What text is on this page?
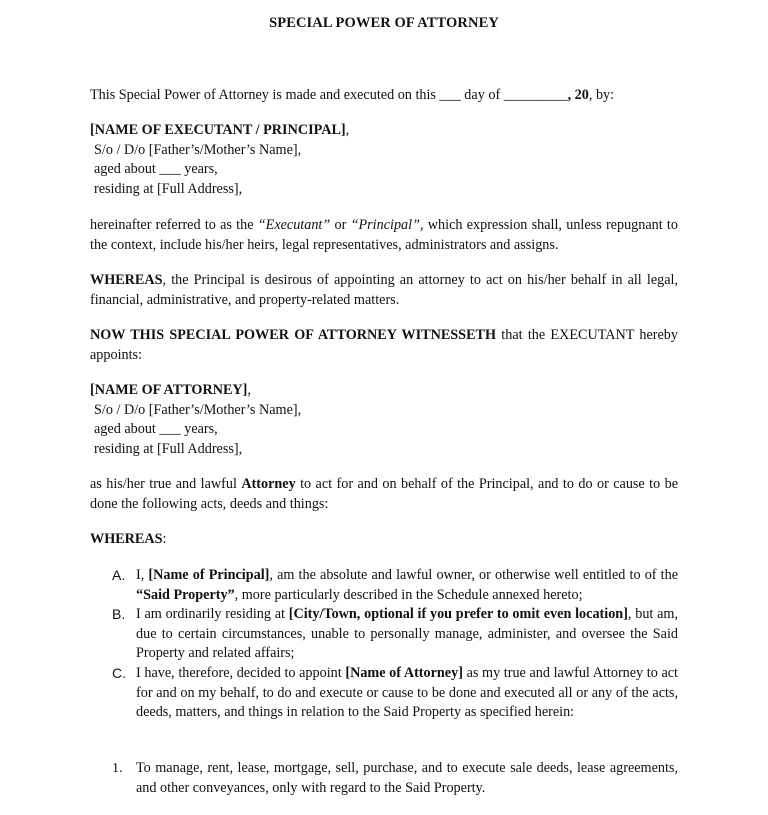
SPECIAL POWER OF ATTORNEY
This Special Power of Attorney is made and executed on this ___ day of _________, 20, by:
[NAME OF EXECUTANT / PRINCIPAL],
S/o / D/o [Father’s/Mother’s Name],
aged about ___ years,
residing at [Full Address],
hereinafter referred to as the “Executant” or “Principal”, which expression shall, unless repugnant to the context, include his/her heirs, legal representatives, administrators and assigns.
WHEREAS, the Principal is desirous of appointing an attorney to act on his/her behalf in all legal, financial, administrative, and property-related matters.
NOW THIS SPECIAL POWER OF ATTORNEY WITNESSETH that the EXECUTANT hereby appoints:
[NAME OF ATTORNEY],
S/o / D/o [Father’s/Mother’s Name],
aged about ___ years,
residing at [Full Address],
as his/her true and lawful Attorney to act for and on behalf of the Principal, and to do or cause to be done the following acts, deeds and things:
WHEREAS:
A. I, [Name of Principal], am the absolute and lawful owner, or otherwise well entitled to of the “Said Property”, more particularly described in the Schedule annexed hereto;
B. I am ordinarily residing at [City/Town, optional if you prefer to omit even location], but am, due to certain circumstances, unable to personally manage, administer, and oversee the Said Property and related affairs;
C. I have, therefore, decided to appoint [Name of Attorney] as my true and lawful Attorney to act for and on my behalf, to do and execute or cause to be done and executed all or any of the acts, deeds, matters, and things in relation to the Said Property as specified herein:
1. To manage, rent, lease, mortgage, sell, purchase, and to execute sale deeds, lease agreements, and other conveyances, only with regard to the Said Property.
